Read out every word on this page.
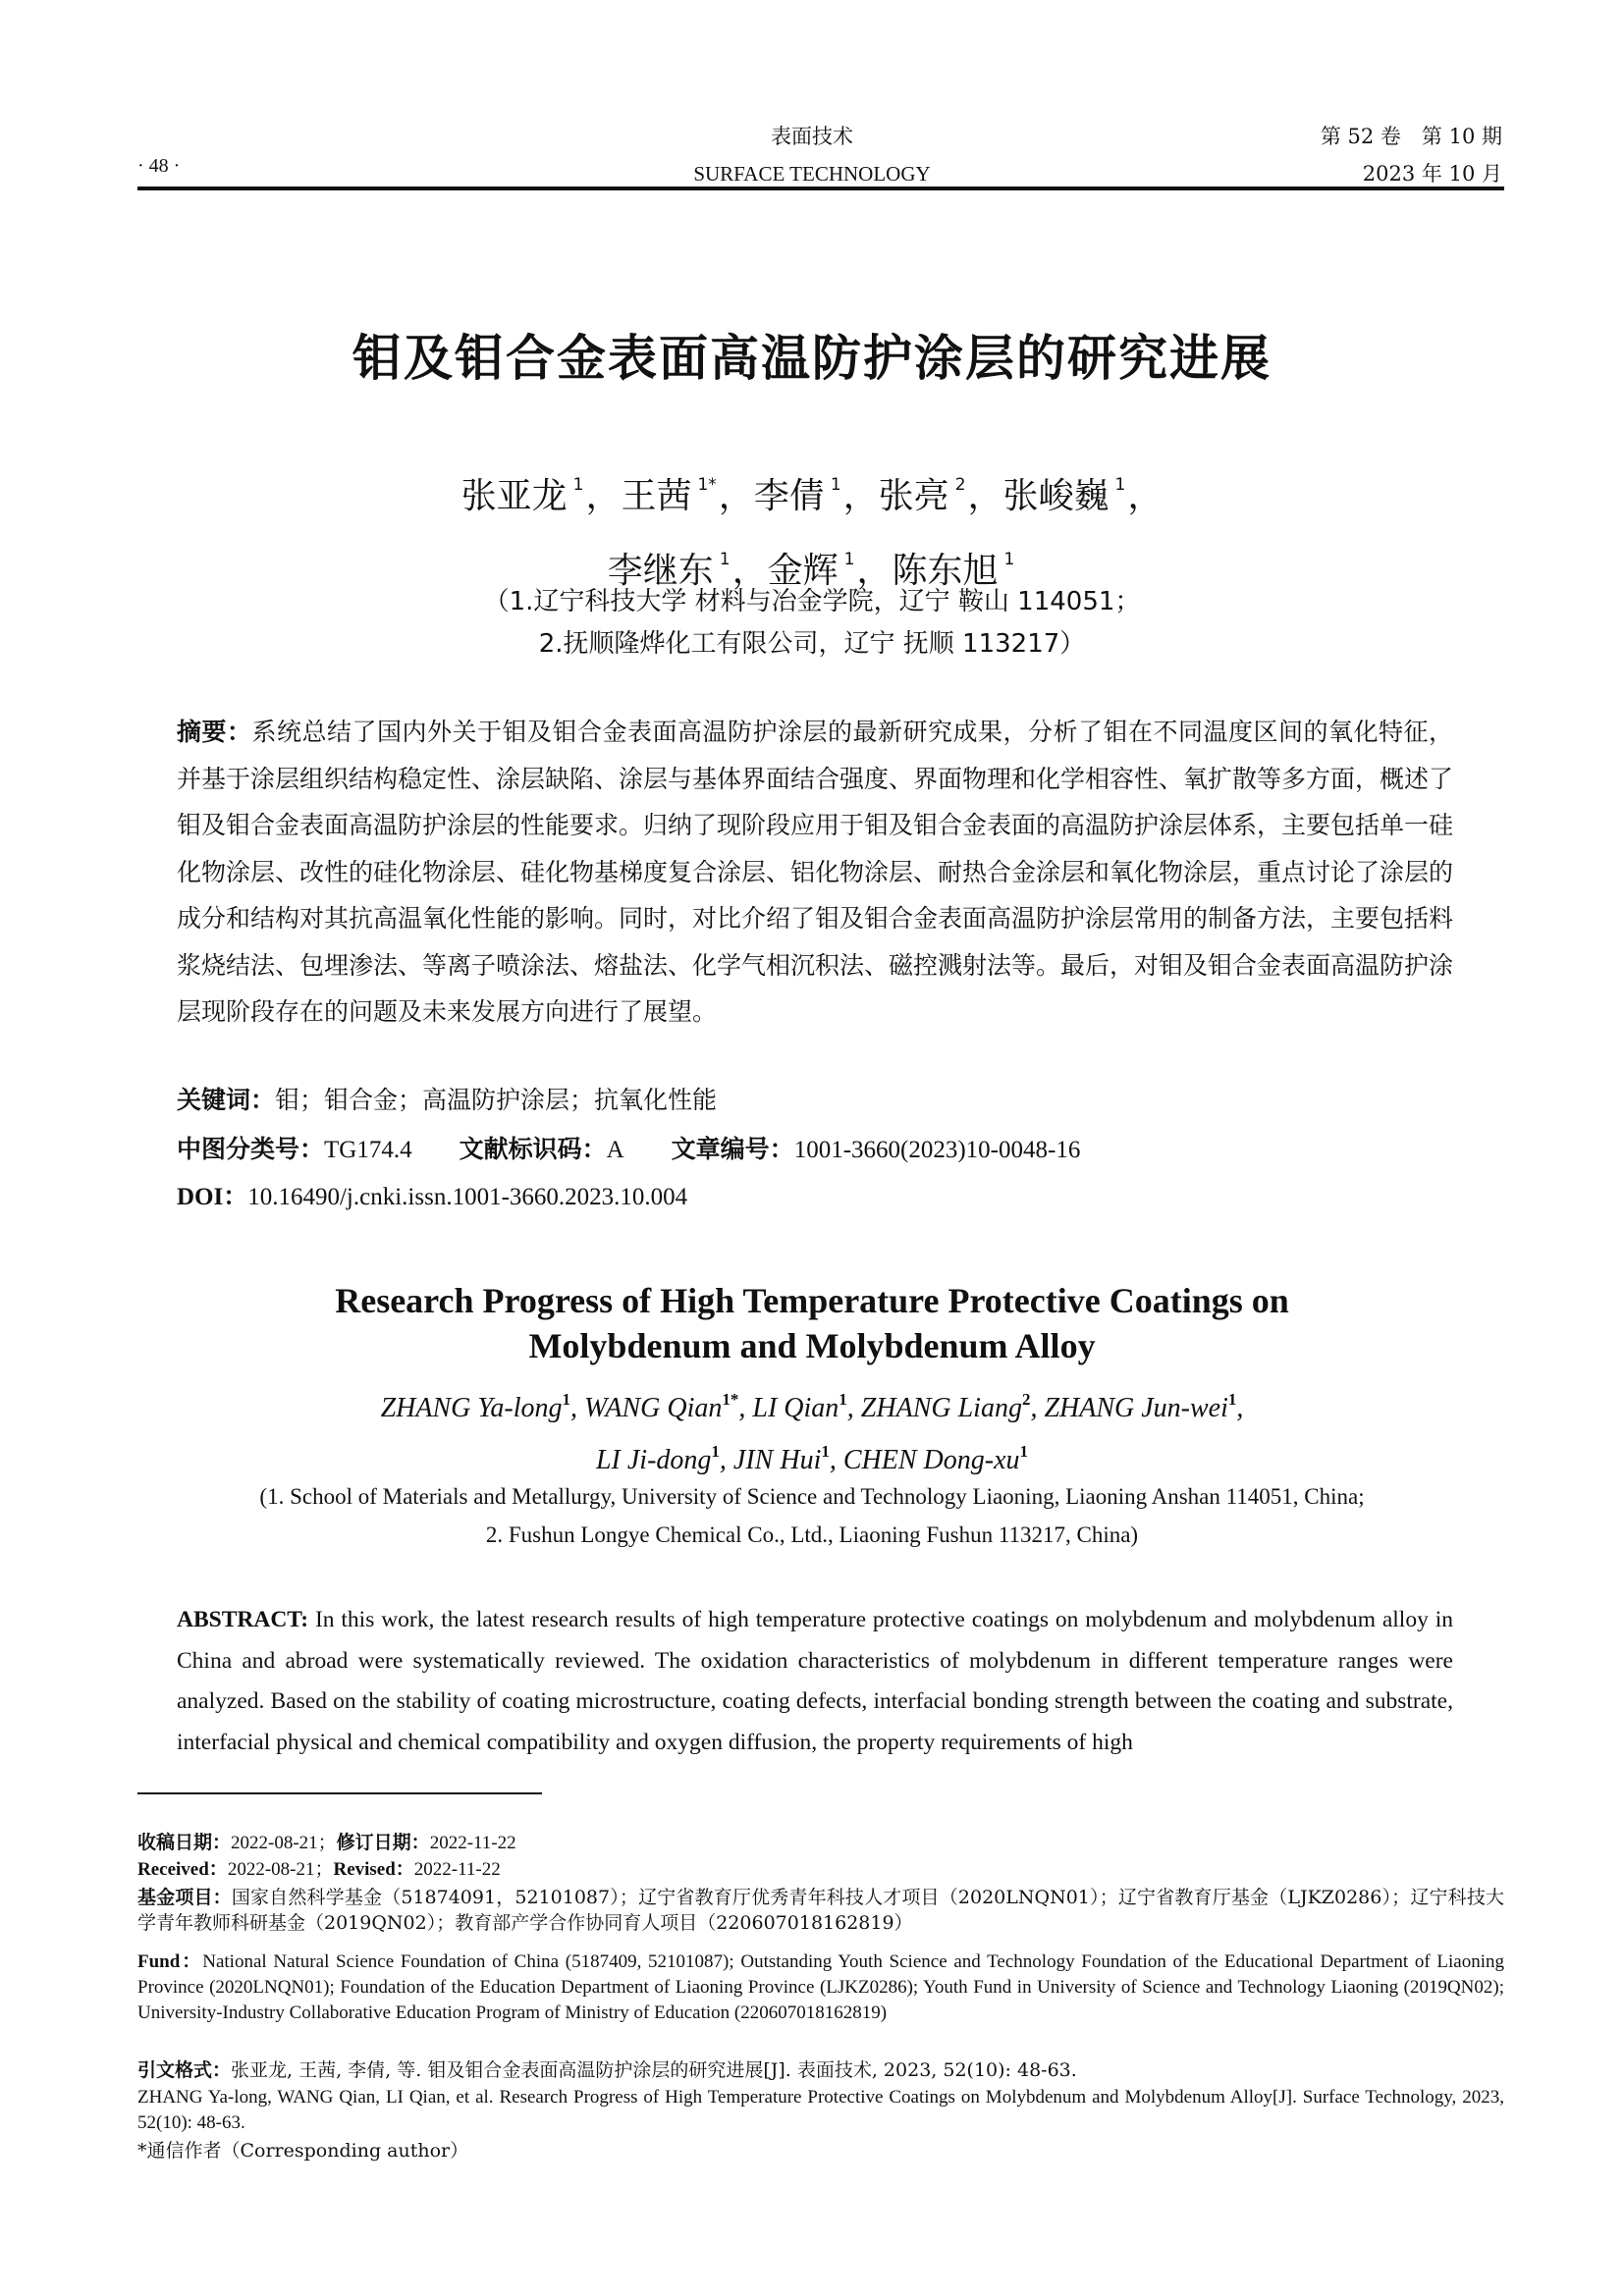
· 48 ·
表面技术
SURFACE TECHNOLOGY
第 52 卷　第 10 期
2023 年 10 月
钼及钼合金表面高温防护涂层的研究进展
张亚龙 $^1$，王茜 $^{1*}$，李倩 $^1$，张亮 $^2$，张峻巍 $^1$，
李继东 $^1$，金辉 $^1$，陈东旭 $^1$
（1.辽宁科技大学 材料与冶金学院，辽宁 鞍山 114051；
2.抚顺隆烨化工有限公司，辽宁 抚顺 113217）
摘要：系统总结了国内外关于钼及钼合金表面高温防护涂层的最新研究成果，分析了钼在不同温度区间的氧化特征，并基于涂层组织结构稳定性、涂层缺陷、涂层与基体界面结合强度、界面物理和化学相容性、氧扩散等多方面，概述了钼及钼合金表面高温防护涂层的性能要求。归纳了现阶段应用于钼及钼合金表面的高温防护涂层体系，主要包括单一硅化物涂层、改性的硅化物涂层、硅化物基梯度复合涂层、铝化物涂层、耐热合金涂层和氧化物涂层，重点讨论了涂层的成分和结构对其抗高温氧化性能的影响。同时，对比介绍了钼及钼合金表面高温防护涂层常用的制备方法，主要包括料浆烧结法、包埋渗法、等离子喷涂法、熔盐法、化学气相沉积法、磁控溅射法等。最后，对钼及钼合金表面高温防护涂层现阶段存在的问题及未来发展方向进行了展望。
关键词：钼；钼合金；高温防护涂层；抗氧化性能
中图分类号：TG174.4 文献标识码：A 文章编号：1001-3660(2023)10-0048-16
DOI：10.16490/j.cnki.issn.1001-3660.2023.10.004
Research Progress of High Temperature Protective Coatings on
Molybdenum and Molybdenum Alloy
ZHANG Ya-long$^1$, WANG Qian$^{1*}$, LI Qian$^1$, ZHANG Liang$^2$, ZHANG Jun-wei$^1$,
LI Ji-dong$^1$, JIN Hui$^1$, CHEN Dong-$xu^1$
(1. School of Materials and Metallurgy, University of Science and Technology Liaoning, Liaoning Anshan 114051, China;
2. Fushun Longye Chemical Co., Ltd., Liaoning Fushun 113217, China)
ABSTRACT: In this work, the latest research results of high temperature protective coatings on molybdenum and molybdenum alloy in China and abroad were systematically reviewed. The oxidation characteristics of molybdenum in different temperature ranges were analyzed. Based on the stability of coating microstructure, coating defects, interfacial bonding strength between the coating and substrate, interfacial physical and chemical compatibility and oxygen diffusion, the property requirements of high
收稿日期：2022-08-21；修订日期：2022-11-22
Received：2022-08-21；Revised：2022-11-22
基金项目：国家自然科学基金（51874091，52101087）；辽宁省教育厅优秀青年科技人才项目（2020LNQN01）；辽宁省教育厅基金（LJKZ0286）；辽宁科技大学青年教师科研基金（2019QN02）；教育部产学合作协同育人项目（220607018162819）
Fund：National Natural Science Foundation of China (5187409, 52101087); Outstanding Youth Science and Technology Foundation of the Educational Department of Liaoning Province (2020LNQN01); Foundation of the Education Department of Liaoning Province (LJKZ0286); Youth Fund in University of Science and Technology Liaoning (2019QN02); University-Industry Collaborative Education Program of Ministry of Education (220607018162819)
引文格式：张亚龙, 王茜, 李倩, 等. 钼及钼合金表面高温防护涂层的研究进展[J]. 表面技术, 2023, 52(10): 48-63.
ZHANG Ya-long, WANG Qian, LI Qian, et al. Research Progress of High Temperature Protective Coatings on Molybdenum and Molybdenum Alloy[J]. Surface Technology, 2023, 52(10): 48-63.
*通信作者（Corresponding author）
